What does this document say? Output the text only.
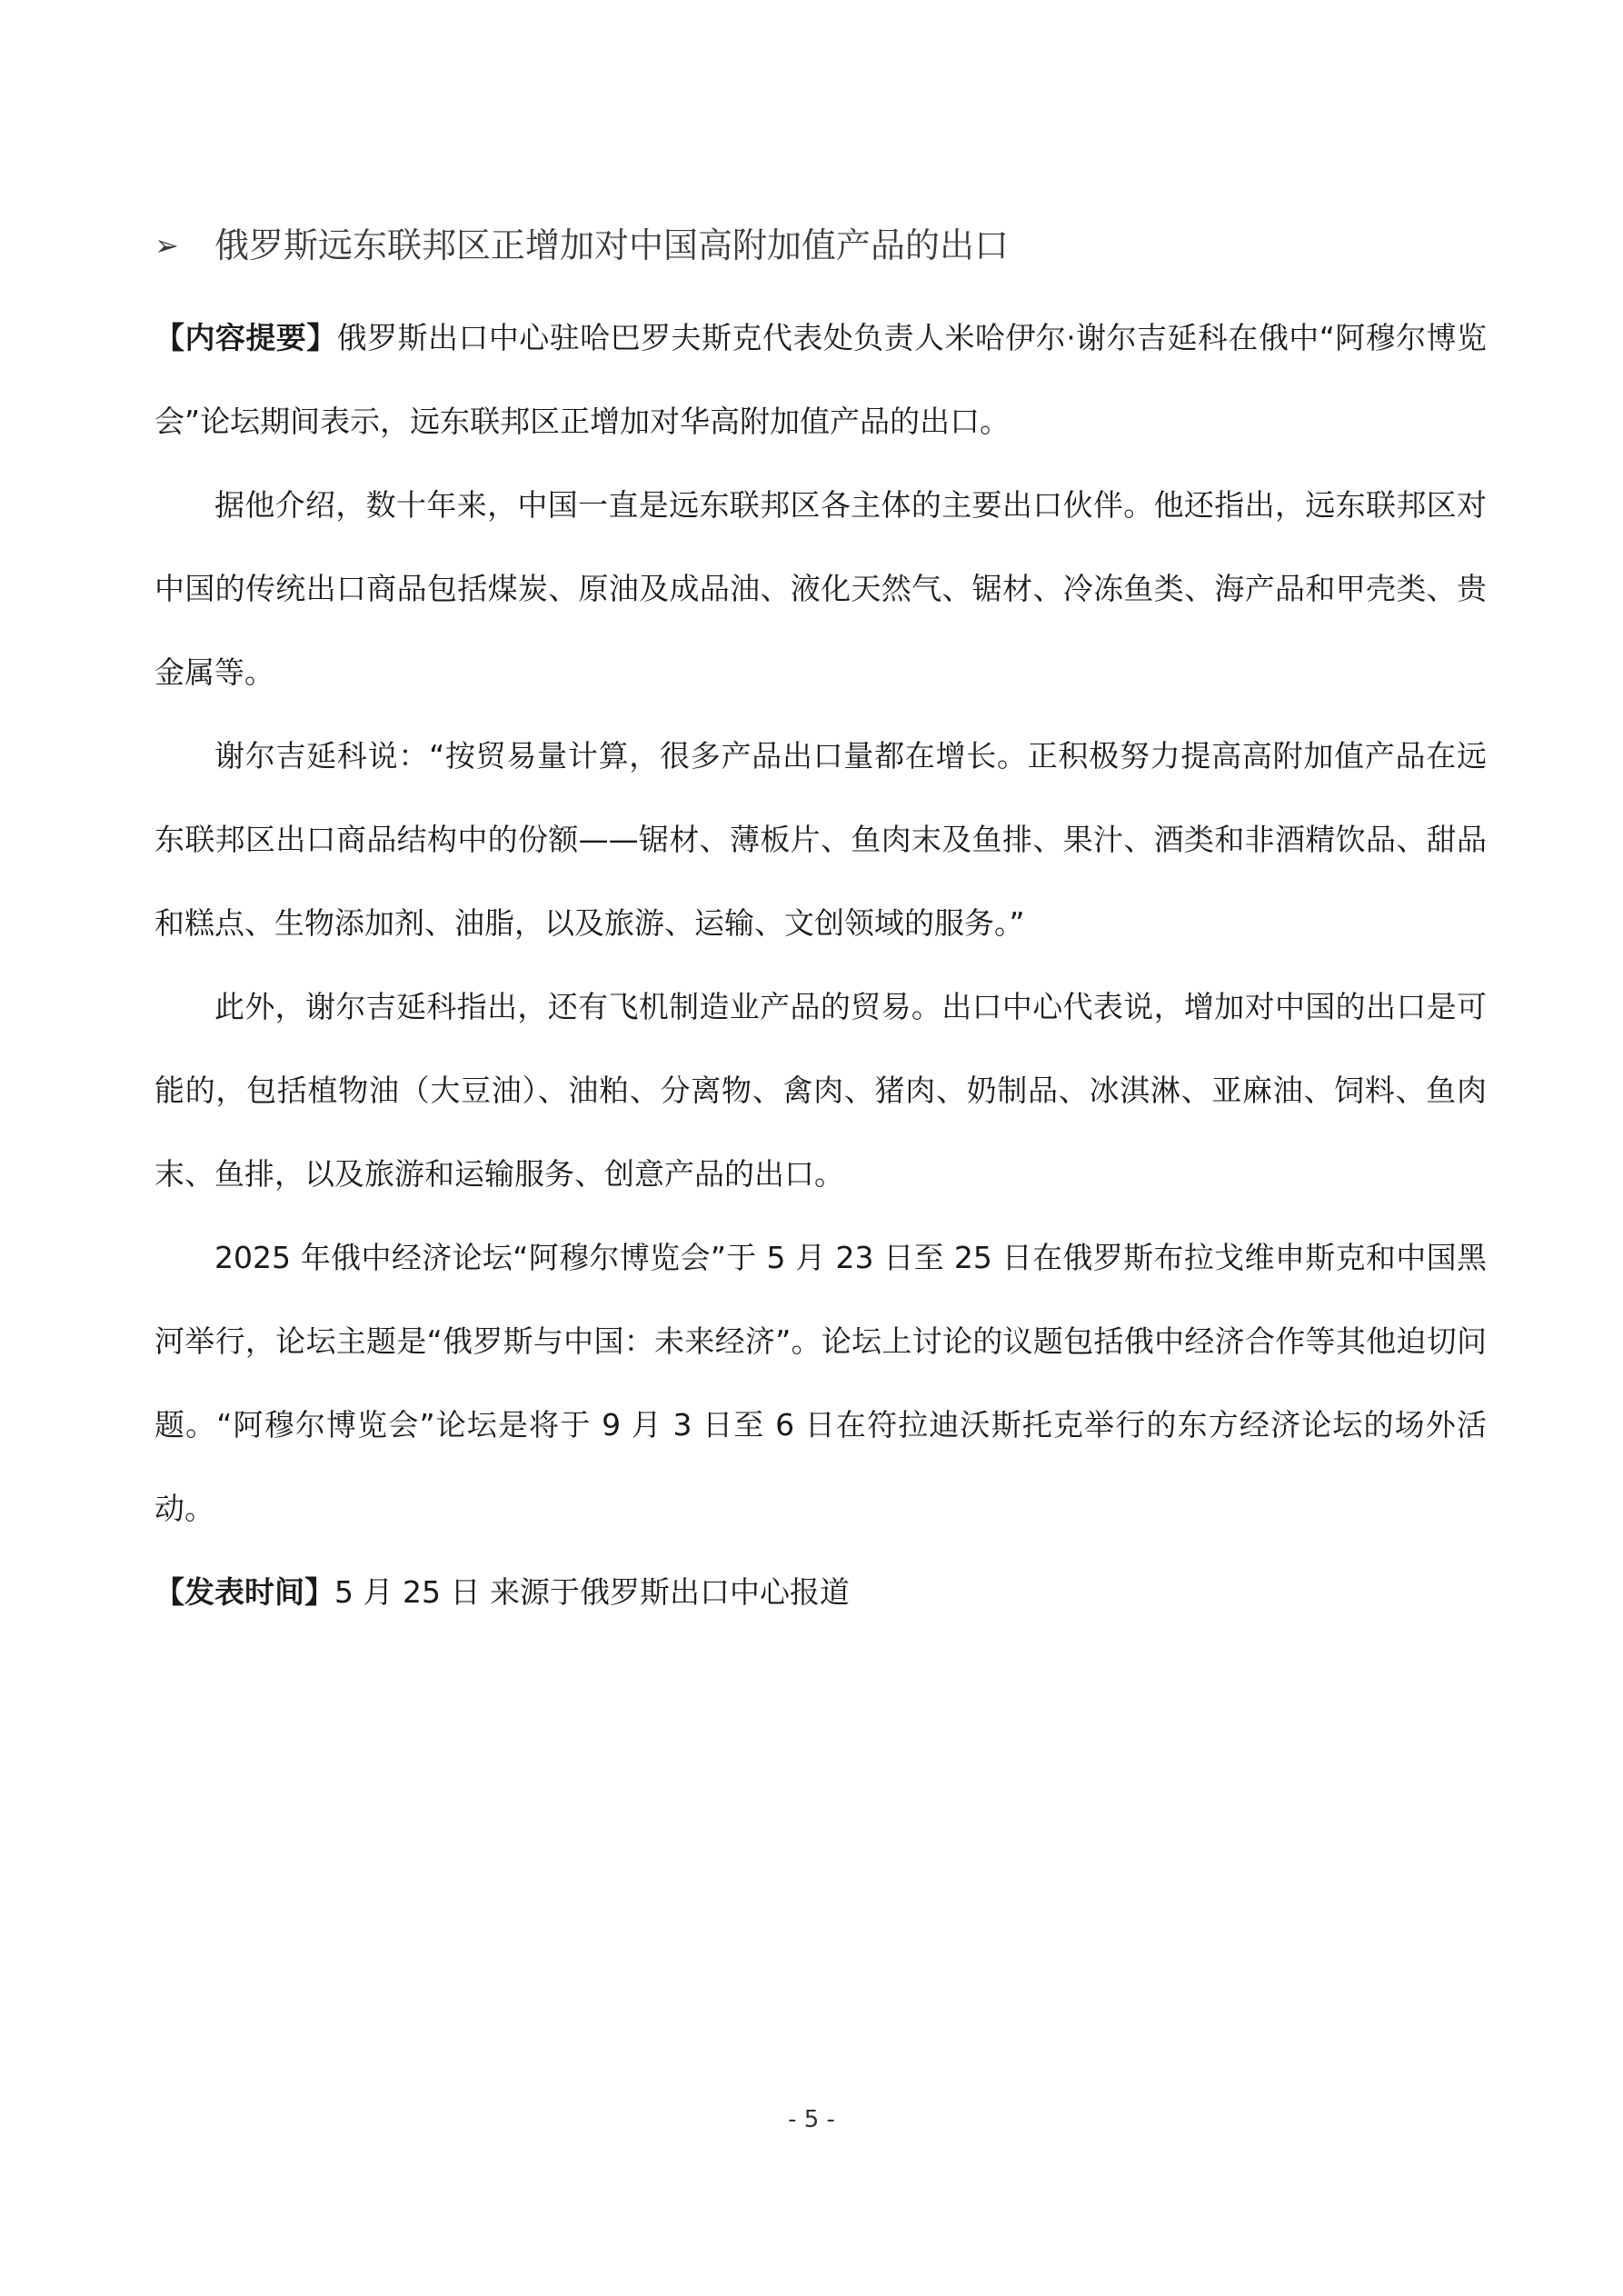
➢	俄罗斯远东联邦区正增加对中国高附加值产品的出口

【内容提要】俄罗斯出口中心驻哈巴罗夫斯克代表处负责人米哈伊尔·谢尔吉延科在俄中“阿穆尔博览会”论坛期间表示，远东联邦区正增加对华高附加值产品的出口。

据他介绍，数十年来，中国一直是远东联邦区各主体的主要出口伙伴。他还指出，远东联邦区对中国的传统出口商品包括煤炭、原油及成品油、液化天然气、锯材、冷冻鱼类、海产品和甲壳类、贵金属等。

谢尔吉延科说：“按贸易量计算，很多产品出口量都在增长。正积极努力提高高附加值产品在远东联邦区出口商品结构中的份额——锯材、薄板片、鱼肉末及鱼排、果汁、酒类和非酒精饮品、甜品和糕点、生物添加剂、油脂，以及旅游、运输、文创领域的服务。”

此外，谢尔吉延科指出，还有飞机制造业产品的贸易。出口中心代表说，增加对中国的出口是可能的，包括植物油（大豆油）、油粕、分离物、禽肉、猪肉、奶制品、冰淇淋、亚麻油、饲料、鱼肉末、鱼排，以及旅游和运输服务、创意产品的出口。

2025 年俄中经济论坛“阿穆尔博览会”于 5 月 23 日至 25 日在俄罗斯布拉戈维申斯克和中国黑河举行，论坛主题是“俄罗斯与中国：未来经济”。论坛上讨论的议题包括俄中经济合作等其他迫切问题。“阿穆尔博览会”论坛是将于 9 月 3 日至 6 日在符拉迪沃斯托克举行的东方经济论坛的场外活动。

【发表时间】5 月 25 日 来源于俄罗斯出口中心报道

- 5 -
